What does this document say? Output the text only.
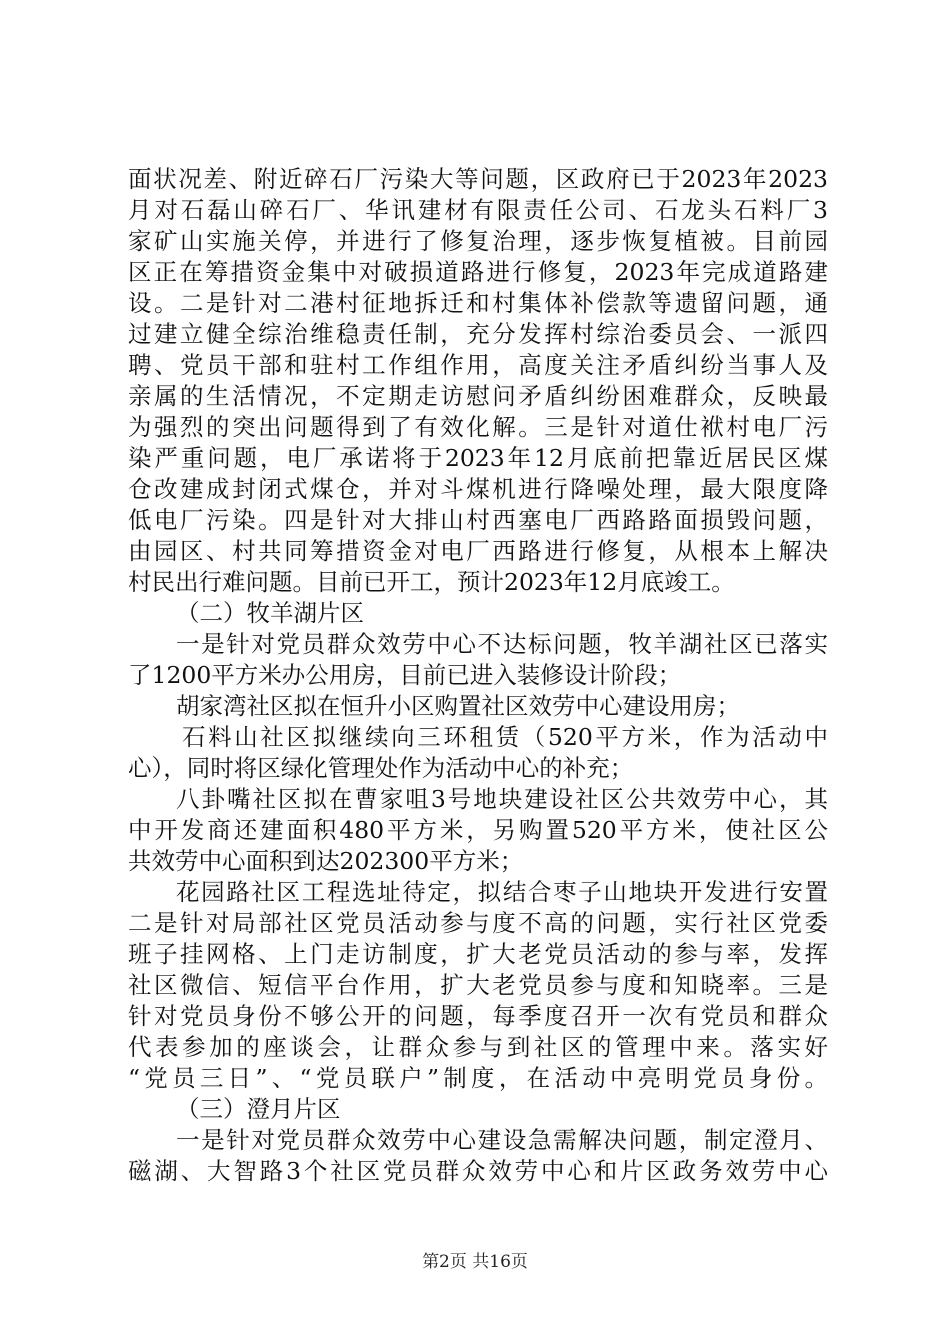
面状况差、附近碎石厂污染大等问题，区政府已于2023年2023
月对石磊山碎石厂、华讯建材有限责任公司、石龙头石料厂3
家矿山实施关停，并进行了修复治理，逐步恢复植被。目前园
区正在筹措资金集中对破损道路进行修复，2023年完成道路建
设。二是针对二港村征地拆迁和村集体补偿款等遗留问题，通
过建立健全综治维稳责任制，充分发挥村综治委员会、一派四
聘、党员干部和驻村工作组作用，高度关注矛盾纠纷当事人及
亲属的生活情况，不定期走访慰问矛盾纠纷困难群众，反映最
为强烈的突出问题得到了有效化解。三是针对道仕袱村电厂污
染严重问题，电厂承诺将于2023年12月底前把靠近居民区煤
仓改建成封闭式煤仓，并对斗煤机进行降噪处理，最大限度降
低电厂污染。四是针对大排山村西塞电厂西路路面损毁问题，
由园区、村共同筹措资金对电厂西路进行修复，从根本上解决
村民出行难问题。目前已开工，预计2023年12月底竣工。
（二）牧羊湖片区
一是针对党员群众效劳中心不达标问题，牧羊湖社区已落实
了1200平方米办公用房，目前已进入装修设计阶段；
胡家湾社区拟在恒升小区购置社区效劳中心建设用房；
石料山社区拟继续向三环租赁（520平方米，作为活动中
心），同时将区绿化管理处作为活动中心的补充；
八卦嘴社区拟在曹家咀3号地块建设社区公共效劳中心，其
中开发商还建面积480平方米，另购置520平方米，使社区公
共效劳中心面积到达202300平方米；
花园路社区工程选址待定，拟结合枣子山地块开发进行安置
二是针对局部社区党员活动参与度不高的问题，实行社区党委
班子挂网格、上门走访制度，扩大老党员活动的参与率，发挥
社区微信、短信平台作用，扩大老党员参与度和知晓率。三是
针对党员身份不够公开的问题，每季度召开一次有党员和群众
代表参加的座谈会，让群众参与到社区的管理中来。落实好
“党员三日”、“党员联户”制度，在活动中亮明党员身份。
（三）澄月片区
一是针对党员群众效劳中心建设急需解决问题，制定澄月、
磁湖、大智路3个社区党员群众效劳中心和片区政务效劳中心
第2页 共16页
